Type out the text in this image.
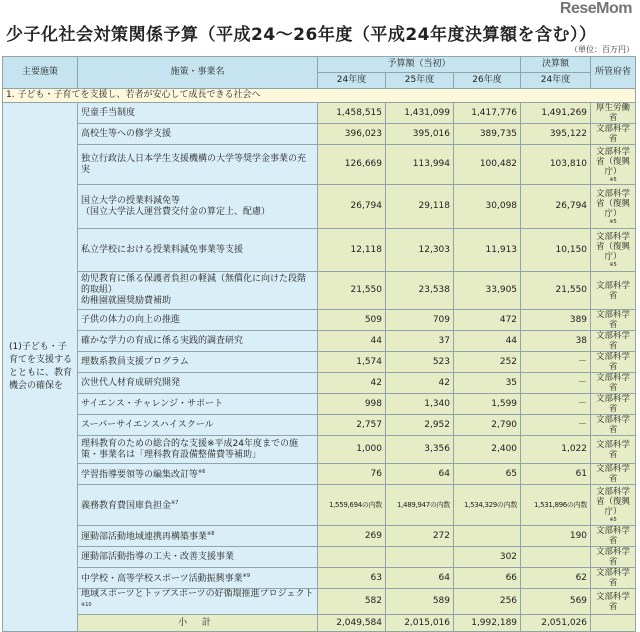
ReseMom
少子化社会対策関係予算（平成24～26年度（平成24年度決算額を含む））
（単位：百万円）
主要施策	施策・事業名	予算額（当初）			決算額	所管府省
		24年度	25年度	26年度	24年度	
1. 子ども・子育てを支援し、若者が安心して成長できる社会へ						
(1)子ども・子育てを支援するとともに、教育機会の確保を	児童手当制度	1,458,515	1,431,099	1,417,776	1,491,269	厚生労働省
	高校生等への修学支援	396,023	395,016	389,735	395,122	文部科学省
	独立行政法人日本学生支援機構の大学等奨学金事業の充実	126,669	113,994	100,482	103,810	文部科学省（復興庁）
※5

	国立大学の授業料減免等
（国立大学法人運営費交付金の算定上、配慮）	26,794	29,118	30,098	26,794	文部科学省（復興庁）
※5

	私立学校における授業料減免事業等支援	12,118	12,303	11,913	10,150	文部科学省（復興庁）
※5

	幼児教育に係る保護者負担の軽減（無償化に向けた段階的取組）
幼稚園就園奨励費補助	21,550	23,538	33,905	21,550	文部科学省
	子供の体力の向上の推進	509	709	472	389	文部科学省
	確かな学力の育成に係る実践的調査研究	44	37	44	38	文部科学省
	理数系教員支援プログラム	1,574	523	252	－	文部科学省
	次世代人材育成研究開発	42	42	35	－	文部科学省
	サイエンス・チャレンジ・サポート	998	1,340	1,599	－	文部科学省
	スーパーサイエンスハイスクール	2,757	2,952	2,790	－	文部科学省
	理科教育のための総合的な支援※平成24年度までの施策・事業名は「理科教育設備整備費等補助」	1,000	3,356	2,400	1,022	文部科学省
	学習指導要領等の編集改訂等$^{※6}$	76	64	65	61	文部科学省
	義務教育費国庫負担金$^{※7}$	1,559,694の内数	1,489,947の内数	1,534,329の内数	1,531,896の内数	文部科学省（復興庁）
※5

	運動部活動地域連携再構築事業$^{※8}$	269	272		190	文部科学省
	運動部活動指導の工夫・改善支援事業			302		文部科学省
	中学校・高等学校スポーツ活動振興事業$^{※9}$	63	64	66	62	文部科学省
	地域スポーツとトップスポーツの好循環推進プロジェクト$^{※10}$	582	589	256	569	文部科学省
	小 計	2,049,584	2,015,016	1,992,189	2,051,026	
